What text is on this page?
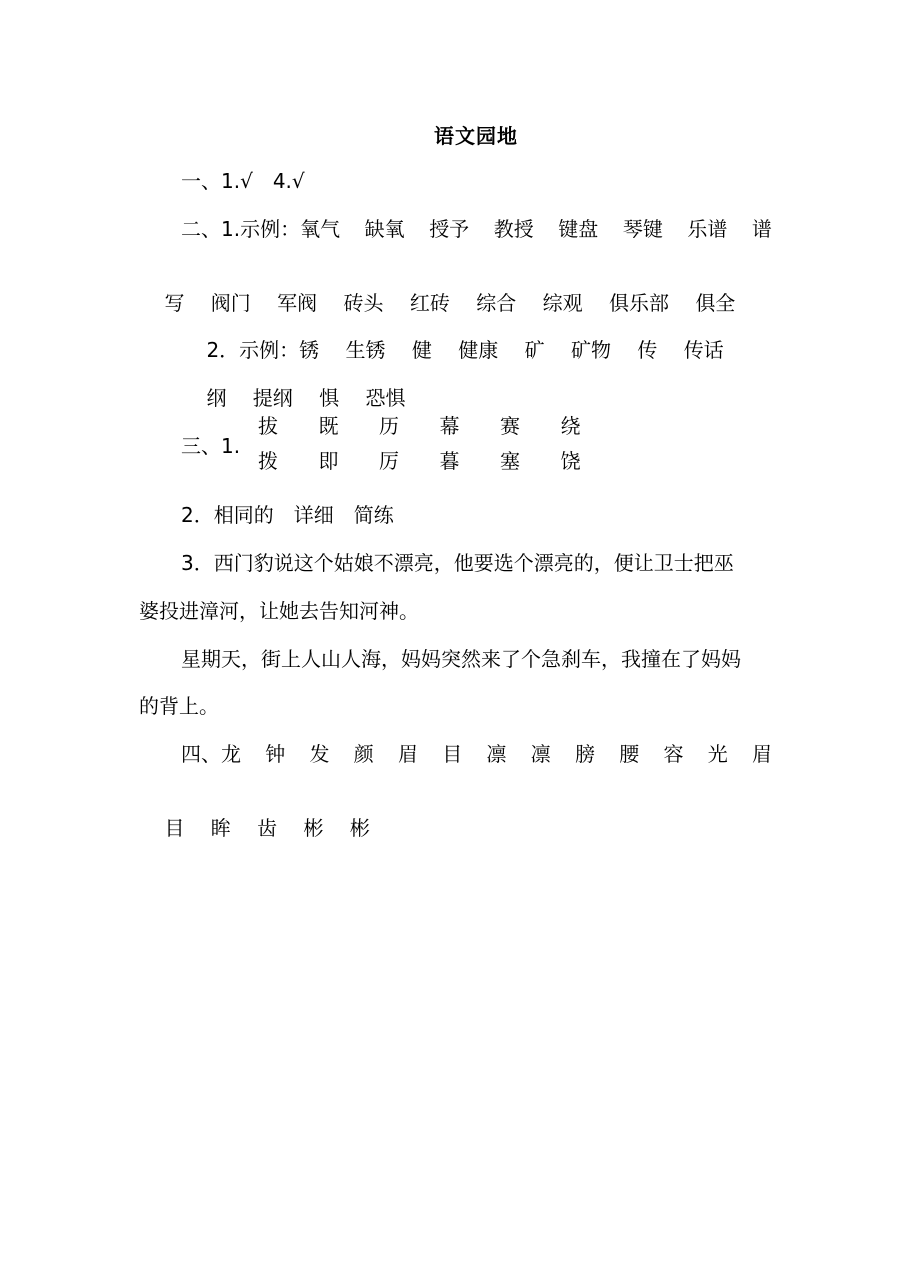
语文园地
一、1.√　4.√
二、1.示例：氧气 缺氧 授予 教授 键盘 琴键 乐谱 谱

写　 阀门　 军阀　 砖头　 红砖　 综合　 综观　 俱乐部　 俱全

2．示例：锈　 生锈　 健　 健康　 矿　 矿物　 传　 传话

纲　 提纲　 惧　 恐惧

三、1.
拔 既 历 幕 赛 绕
拨 即 厉 暮 塞 饶
2．相同的　详细　简练
3．西门豹说这个姑娘不漂亮，他要选个漂亮的，便让卫士把巫
婆投进漳河，让她去告知河神。
星期天，街上人山人海，妈妈突然来了个急刹车，我撞在了妈妈
的背上。
四、龙 钟 发 颜 眉 目 凛 凛 膀 腰 容 光 眉

目　 眸　 齿　 彬　 彬
